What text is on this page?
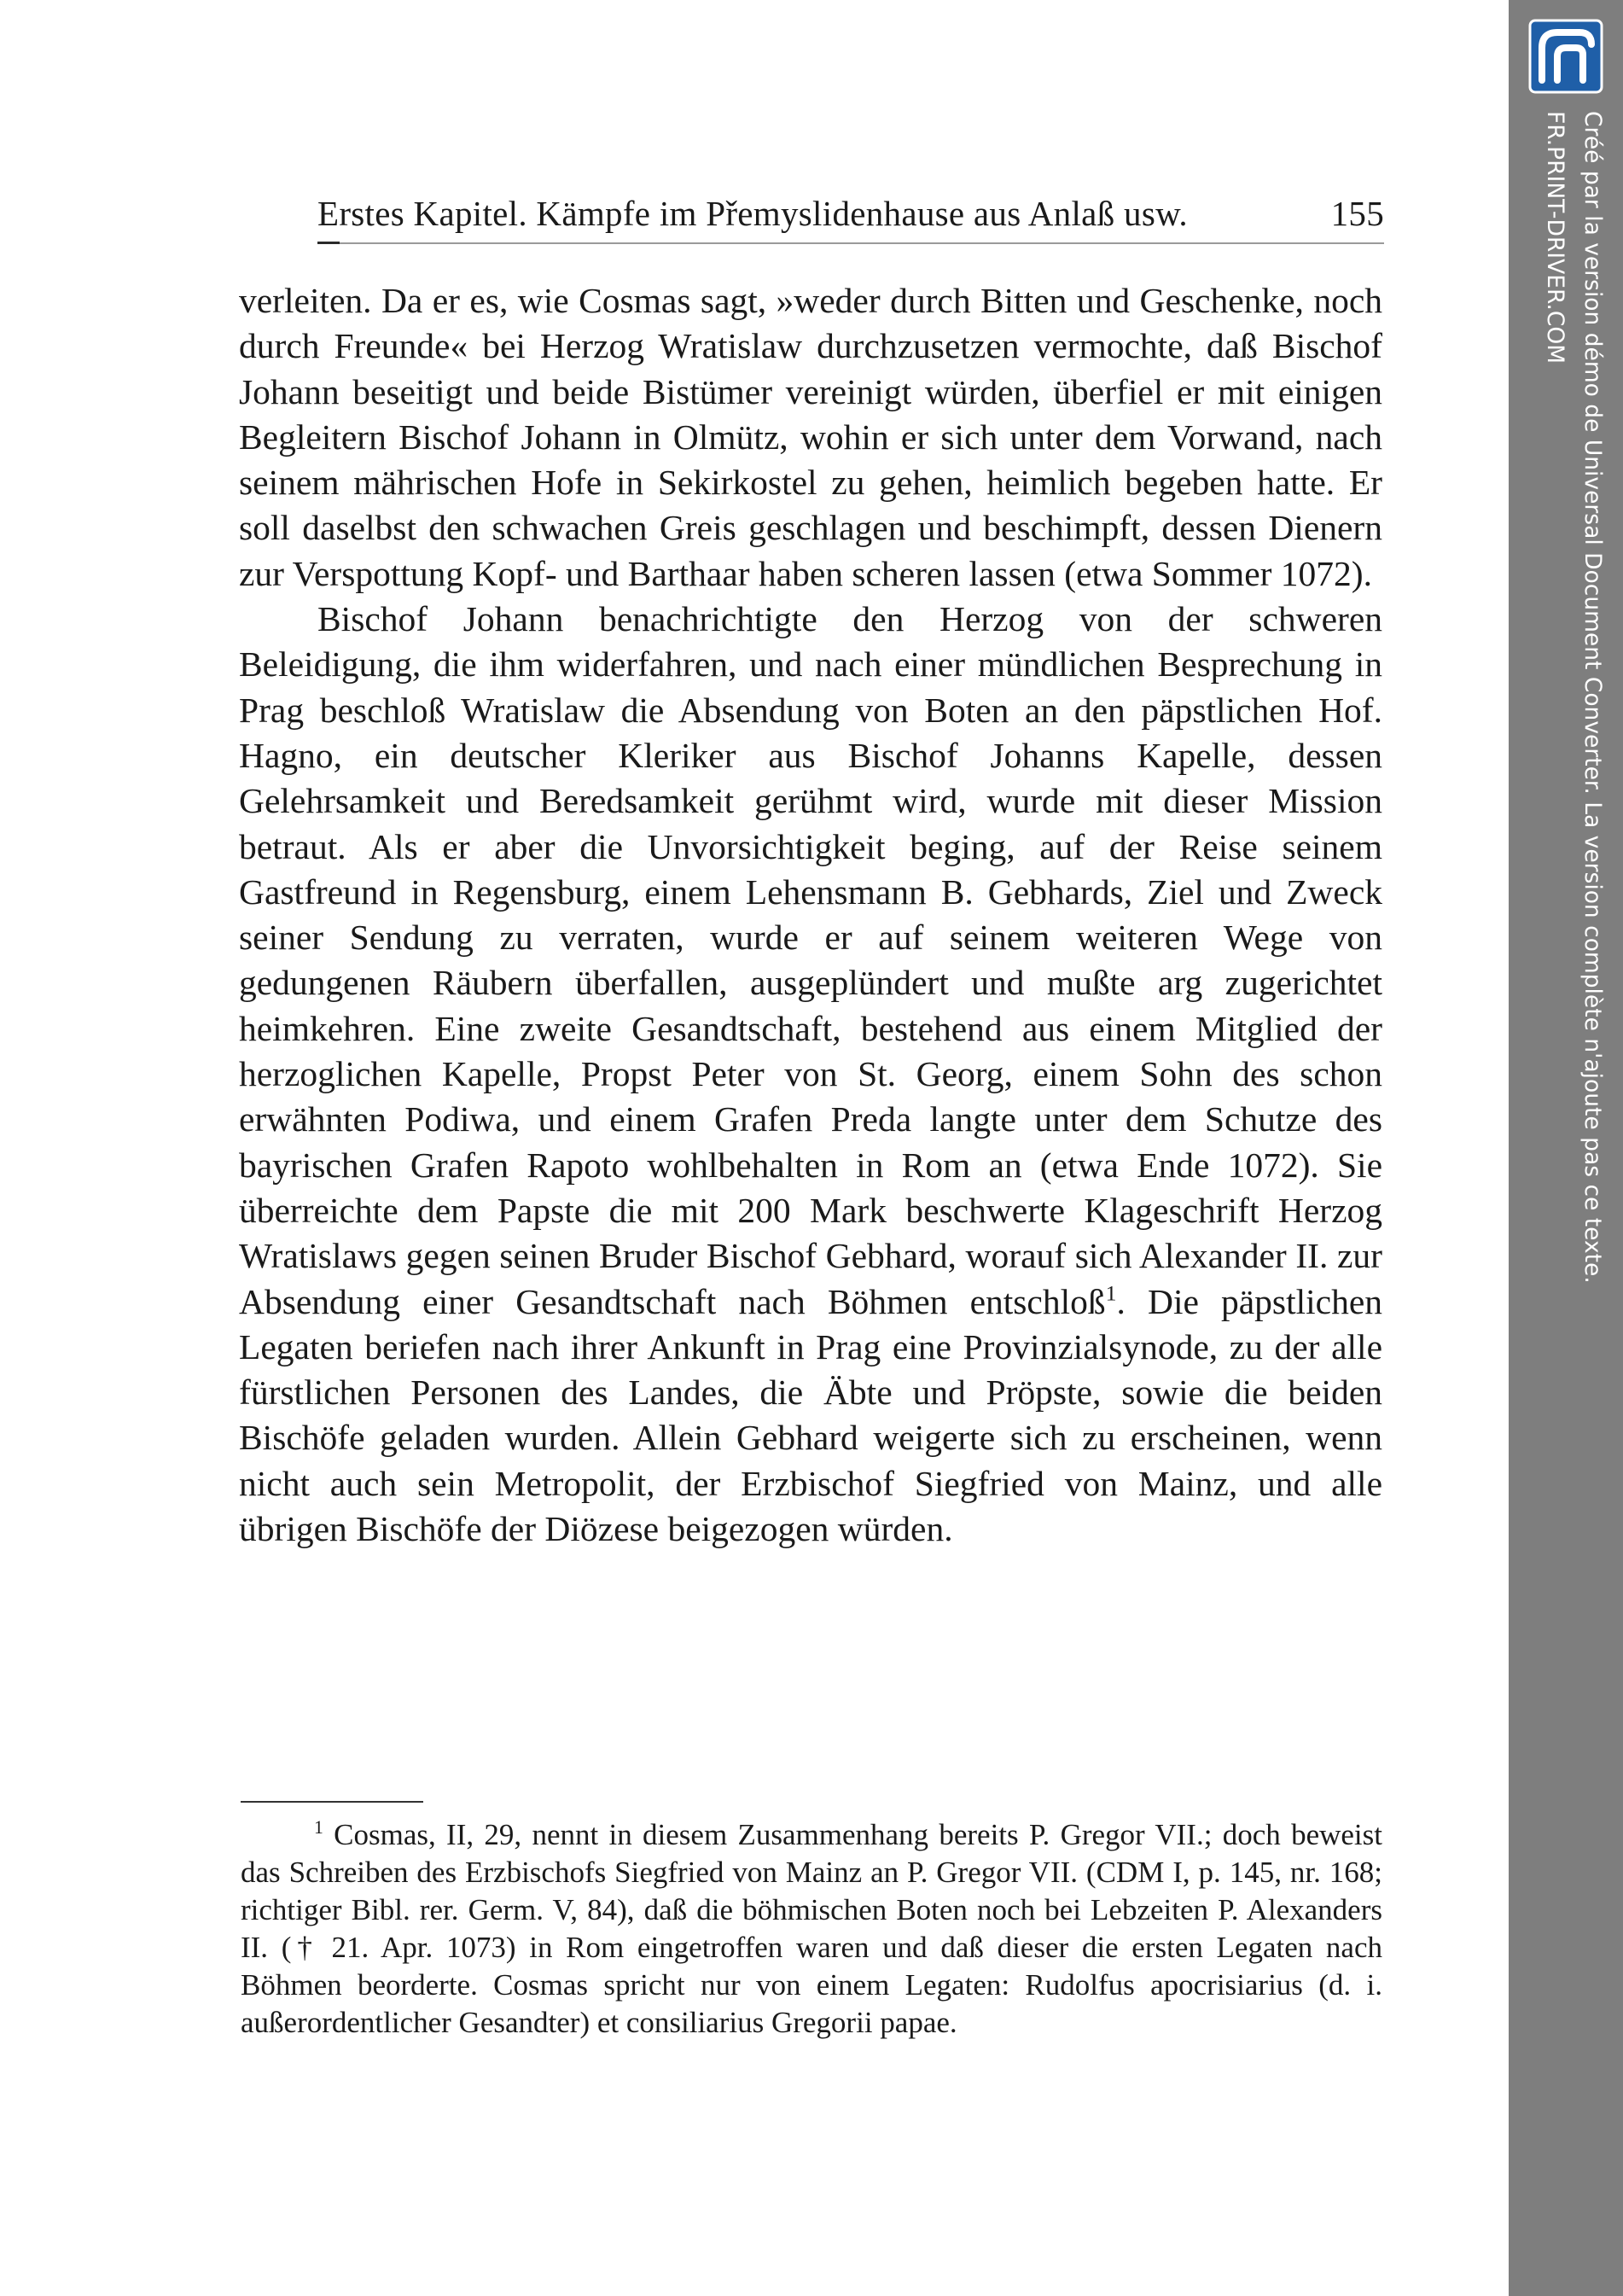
Erstes Kapitel. Kämpfe im Přemyslidenhause aus Anlaß usw.	155

verleiten. Da er es, wie Cosmas sagt, »weder durch Bitten und Geschenke, noch durch Freunde« bei Herzog Wratislaw durchzusetzen vermochte, daß Bischof Johann beseitigt und beide Bistümer vereinigt würden, überfiel er mit einigen Begleitern Bischof Johann in Olmütz, wohin er sich unter dem Vorwand, nach seinem mährischen Hofe in Sekirkostel zu gehen, heimlich begeben hatte. Er soll daselbst den schwachen Greis geschlagen und beschimpft, dessen Dienern zur Verspottung Kopf- und Barthaar haben scheren lassen (etwa Sommer 1072).

Bischof Johann benachrichtigte den Herzog von der schweren Beleidigung, die ihm widerfahren, und nach einer mündlichen Besprechung in Prag beschloß Wratislaw die Absendung von Boten an den päpstlichen Hof. Hagno, ein deutscher Kleriker aus Bischof Johanns Kapelle, dessen Gelehrsamkeit und Beredsamkeit gerühmt wird, wurde mit dieser Mission betraut. Als er aber die Unvorsichtigkeit beging, auf der Reise seinem Gastfreund in Regensburg, einem Lehensmann B. Gebhards, Ziel und Zweck seiner Sendung zu verraten, wurde er auf seinem weiteren Wege von gedungenen Räubern überfallen, ausgeplündert und mußte arg zugerichtet heimkehren. Eine zweite Gesandtschaft, bestehend aus einem Mitglied der herzoglichen Kapelle, Propst Peter von St. Georg, einem Sohn des schon erwähnten Podiwa, und einem Grafen Preda langte unter dem Schutze des bayrischen Grafen Rapoto wohlbehalten in Rom an (etwa Ende 1072). Sie überreichte dem Papste die mit 200 Mark beschwerte Klageschrift Herzog Wratislaws gegen seinen Bruder Bischof Gebhard, worauf sich Alexander II. zur Absendung einer Gesandtschaft nach Böhmen entschloß$^1$. Die päpstlichen Legaten beriefen nach ihrer Ankunft in Prag eine Provinzialsynode, zu der alle fürstlichen Personen des Landes, die Äbte und Pröpste, sowie die beiden Bischöfe geladen wurden. Allein Gebhard weigerte sich zu erscheinen, wenn nicht auch sein Metropolit, der Erzbischof Siegfried von Mainz, und alle übrigen Bischöfe der Diözese beigezogen würden.

$^1$ Cosmas, II, 29, nennt in diesem Zusammenhang bereits P. Gregor VII.; doch beweist das Schreiben des Erzbischofs Siegfried von Mainz an P. Gregor VII. (CDM I, p. 145, nr. 168; richtiger Bibl. rer. Germ. V, 84), daß die böhmischen Boten noch bei Lebzeiten P. Alexanders II. († 21. Apr. 1073) in Rom eingetroffen waren und daß dieser die ersten Legaten nach Böhmen beorderte. Cosmas spricht nur von einem Legaten: Rudolfus apocrisiarius (d. i. außerordentlicher Gesandter) et consiliarius Gregorii papae.

Créé par la version démo de Universal Document Converter. La version complète n'ajoute pas ce texte.
FR.PRINT-DRIVER.COM
